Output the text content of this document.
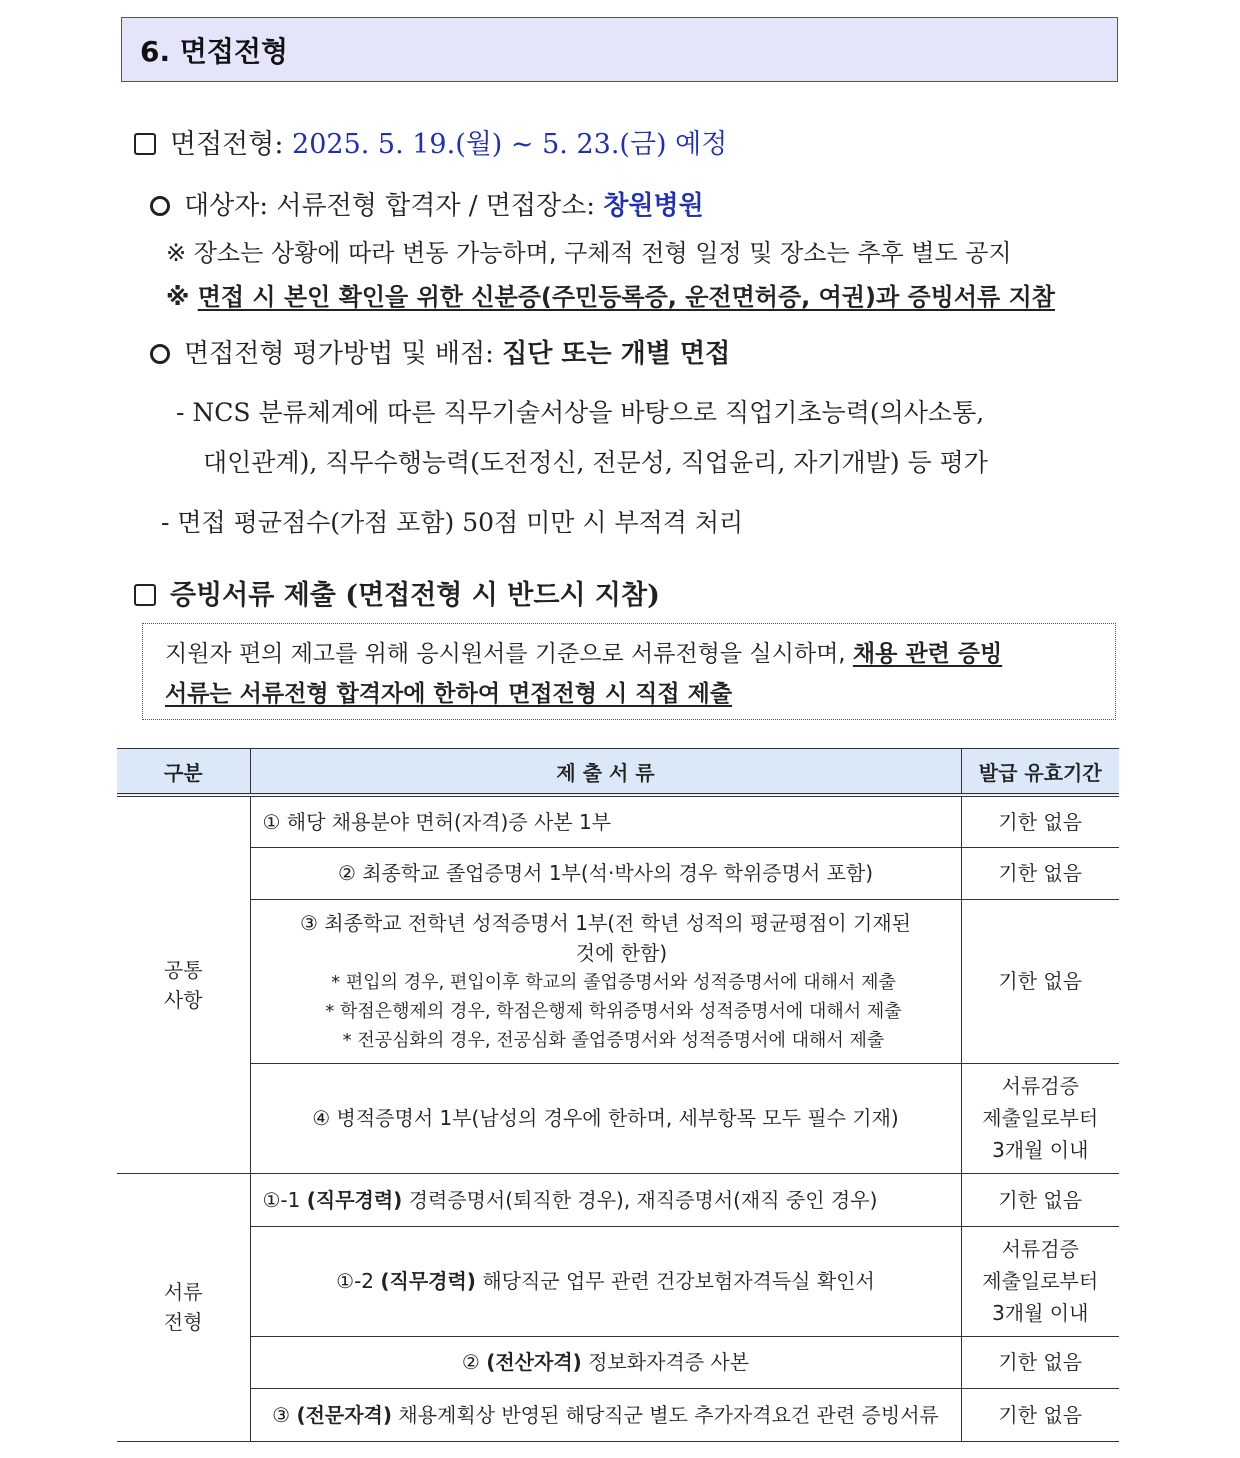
6. 면접전형
면접전형: 2025. 5. 19.(월) ~ 5. 23.(금) 예정
대상자: 서류전형 합격자 / 면접장소: 창원병원
※ 장소는 상황에 따라 변동 가능하며, 구체적 전형 일정 및 장소는 추후 별도 공지
※ 면접 시 본인 확인을 위한 신분증(주민등록증, 운전면허증, 여권)과 증빙서류 지참
면접전형 평가방법 및 배점: 집단 또는 개별 면접
- NCS 분류체계에 따른 직무기술서상을 바탕으로 직업기초능력(의사소통,
대인관계), 직무수행능력(도전정신, 전문성, 직업윤리, 자기개발) 등 평가
- 면접 평균점수(가점 포함) 50점 미만 시 부적격 처리
증빙서류 제출 (면접전형 시 반드시 지참)
지원자 편의 제고를 위해 응시원서를 기준으로 서류전형을 실시하며, 채용 관련 증빙
서류는 서류전형 합격자에 한하여 면접전형 시 직접 제출
구분	제 출 서 류	발급 유효기간
공통
사항	① 해당 채용분야 면허(자격)증 사본 1부	기한 없음
	② 최종학교 졸업증명서 1부(석·박사의 경우 학위증명서 포함)	기한 없음
	③ 최종학교 전학년 성적증명서 1부(전 학년 성적의 평균평점이 기재된
것에 한함)
* 편입의 경우, 편입이후 학교의 졸업증명서와 성적증명서에 대해서 제출
* 학점은행제의 경우, 학점은행제 학위증명서와 성적증명서에 대해서 제출
* 전공심화의 경우, 전공심화 졸업증명서와 성적증명서에 대해서 제출	기한 없음
	④ 병적증명서 1부(남성의 경우에 한하며, 세부항목 모두 필수 기재)	서류검증
제출일로부터
3개월 이내
서류
전형	①-1 (직무경력) 경력증명서(퇴직한 경우), 재직증명서(재직 중인 경우)	기한 없음
	①-2 (직무경력) 해당직군 업무 관련 건강보험자격득실 확인서	서류검증
제출일로부터
3개월 이내
	② (전산자격) 정보화자격증 사본	기한 없음
	③ (전문자격) 채용계획상 반영된 해당직군 별도 추가자격요건 관련 증빙서류	기한 없음
